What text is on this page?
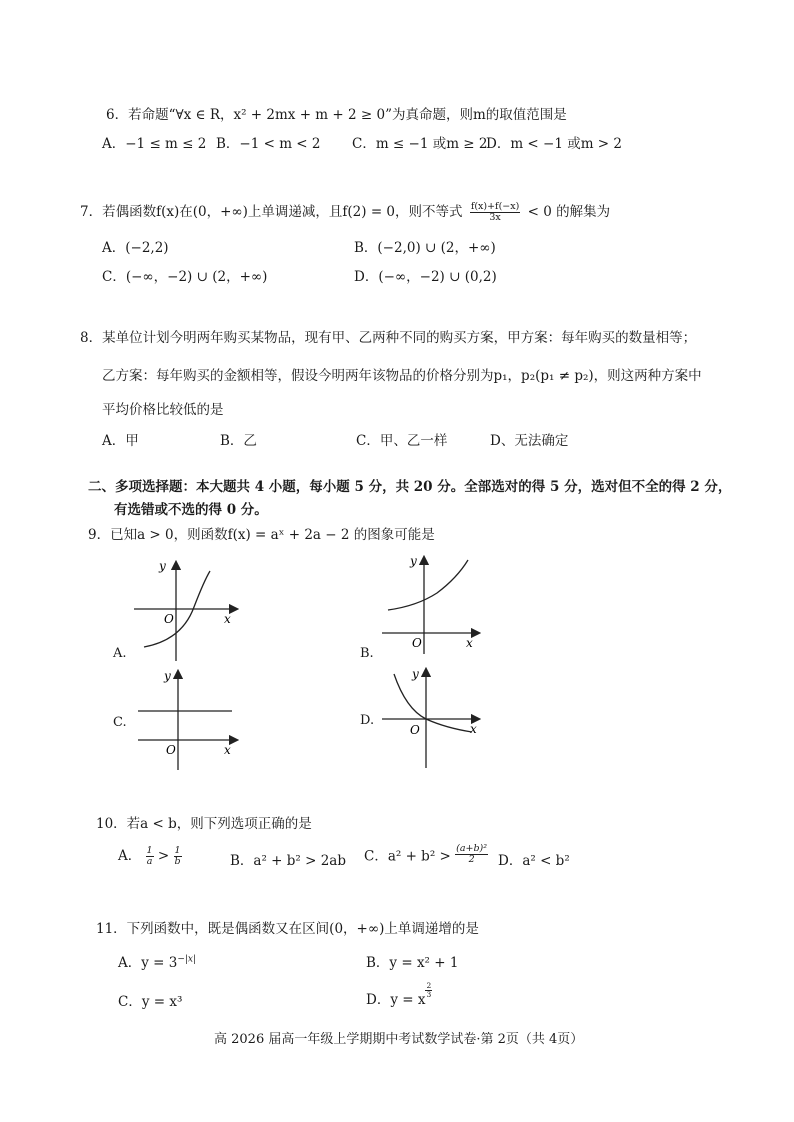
6．若命题“∀x ∈ R，x² + 2mx + m + 2 ≥ 0”为真命题，则m的取值范围是
A．−1 ≤ m ≤ 2 B．−1 < m < 2 C．m ≤ −1 或m ≥ 2
D．m < −1 或m > 2
7．若偶函数f(x)在(0，+∞)上单调递减，且f(2) = 0，则不等式 $\frac{f(x)+f(-x)}{3x} < 0$ 的解集为
A．(−2,2)	B．(−2,0) ∪ (2，+∞)
C．(−∞，−2) ∪ (2，+∞)	D．(−∞，−2) ∪ (0,2)
8．某单位计划今明两年购买某物品，现有甲、乙两种不同的购买方案，甲方案：每年购买的数量相等；
乙方案：每年购买的金额相等，假设今明两年该物品的价格分别为p₁，p₂(p₁ ≠ p₂)，则这两种方案中
平均价格比较低的是
A．甲	B．乙	C．甲、乙一样	D、无法确定
二、多项选择题：本大题共 4 小题，每小题 5 分，共 20 分。全部选对的得 5 分，选对但不全的得 2 分，
有选错或不选的得 0 分。
9．已知a > 0，则函数f(x) = aˣ + 2a − 2 的图象可能是
y
O	x
A.
y
O	x
B.
y
O	x
C.
y
O	x
D.
10．若a < b，则下列选项正确的是
A． $\frac{1}{a} > \frac{1}{b}$	B．a² + b² > 2ab C．$a^2 + b^2 > \frac{\text{(a+b)²}}{2}$ D．a² < b²
11．下列函数中，既是偶函数又在区间(0，+∞)上单调递增的是
A．$y = 3^{-|x|}$	B．y = x² + 1
C．y = x³	D．y = x
$\frac{2}{3}$
高 2026 届高一年级上学期期中考试数学试卷·第 2页（共 4页）
